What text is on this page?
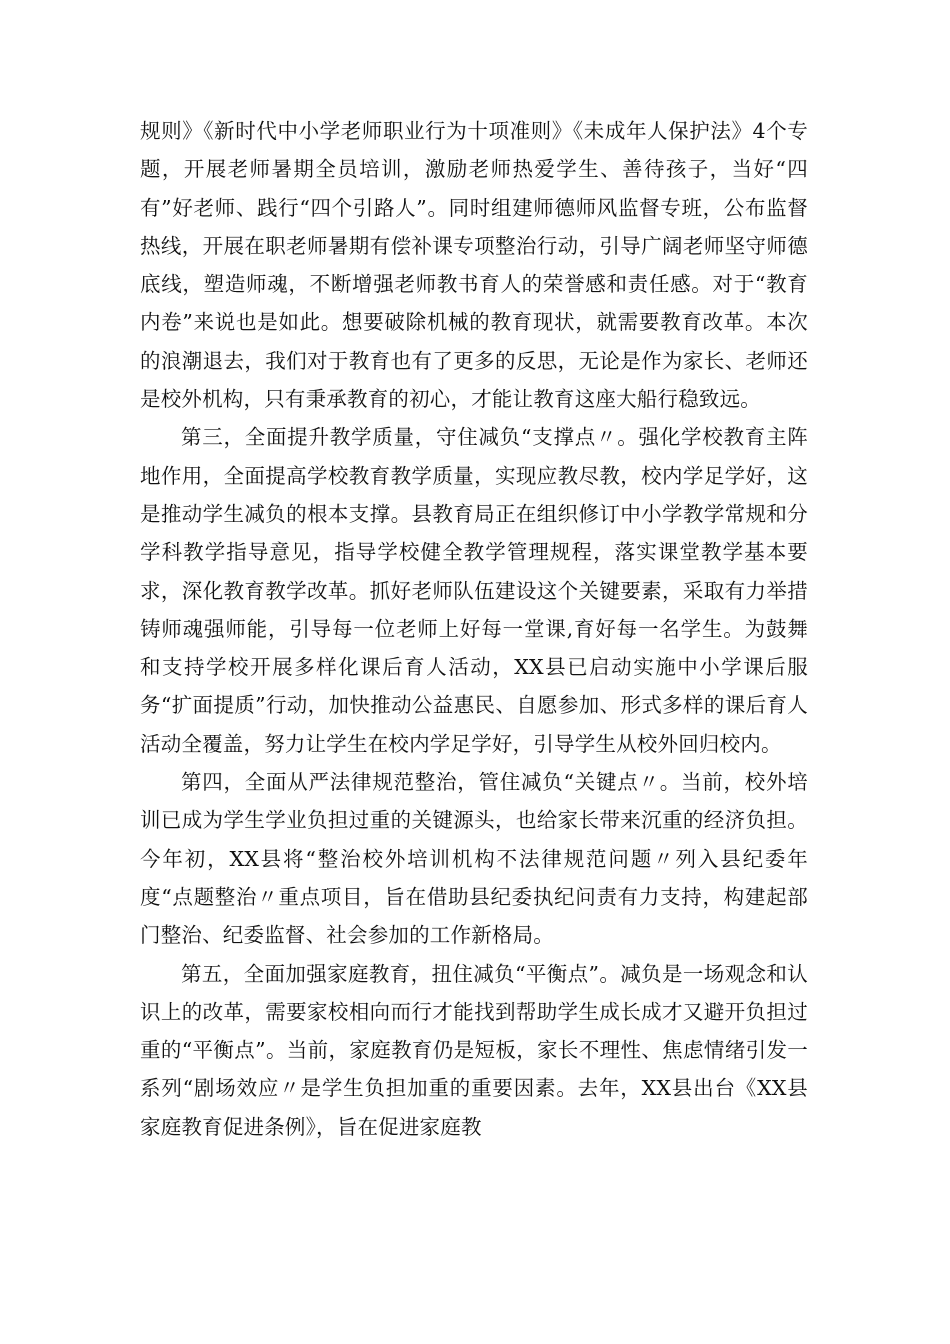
规则》《新时代中小学老师职业行为十项准则》《未成年人保护法》4个专题，开展老师暑期全员培训，激励老师热爱学生、善待孩子，当好“四有”好老师、践行“四个引路人”。同时组建师德师风监督专班，公布监督热线，开展在职老师暑期有偿补课专项整治行动，引导广阔老师坚守师德底线，塑造师魂，不断增强老师教书育人的荣誉感和责任感。对于“教育内卷”来说也是如此。想要破除机械的教育现状，就需要教育改革。本次的浪潮退去，我们对于教育也有了更多的反思，无论是作为家长、老师还是校外机构，只有秉承教育的初心，才能让教育这座大船行稳致远。

第三，全面提升教学质量，守住减负“支撑点〃。强化学校教育主阵地作用，全面提高学校教育教学质量，实现应教尽教，校内学足学好，这是推动学生减负的根本支撑。县教育局正在组织修订中小学教学常规和分学科教学指导意见，指导学校健全教学管理规程，落实课堂教学基本要求，深化教育教学改革。抓好老师队伍建设这个关键要素，采取有力举措铸师魂强师能，引导每一位老师上好每一堂课,育好每一名学生。为鼓舞和支持学校开展多样化课后育人活动，XX县已启动实施中小学课后服务“扩面提质”行动，加快推动公益惠民、自愿参加、形式多样的课后育人活动全覆盖，努力让学生在校内学足学好，引导学生从校外回归校内。

第四，全面从严法律规范整治，管住减负“关键点〃。当前，校外培训已成为学生学业负担过重的关键源头，也给家长带来沉重的经济负担。今年初，XX县将“整治校外培训机构不法律规范问题〃列入县纪委年度“点题整治〃重点项目，旨在借助县纪委执纪问责有力支持，构建起部门整治、纪委监督、社会参加的工作新格局。

第五，全面加强家庭教育，扭住减负“平衡点”。减负是一场观念和认识上的改革，需要家校相向而行才能找到帮助学生成长成才又避开负担过重的“平衡点”。当前，家庭教育仍是短板，家长不理性、焦虑情绪引发一系列“剧场效应〃是学生负担加重的重要因素。去年，XX县出台《XX县家庭教育促进条例》，旨在促进家庭教
